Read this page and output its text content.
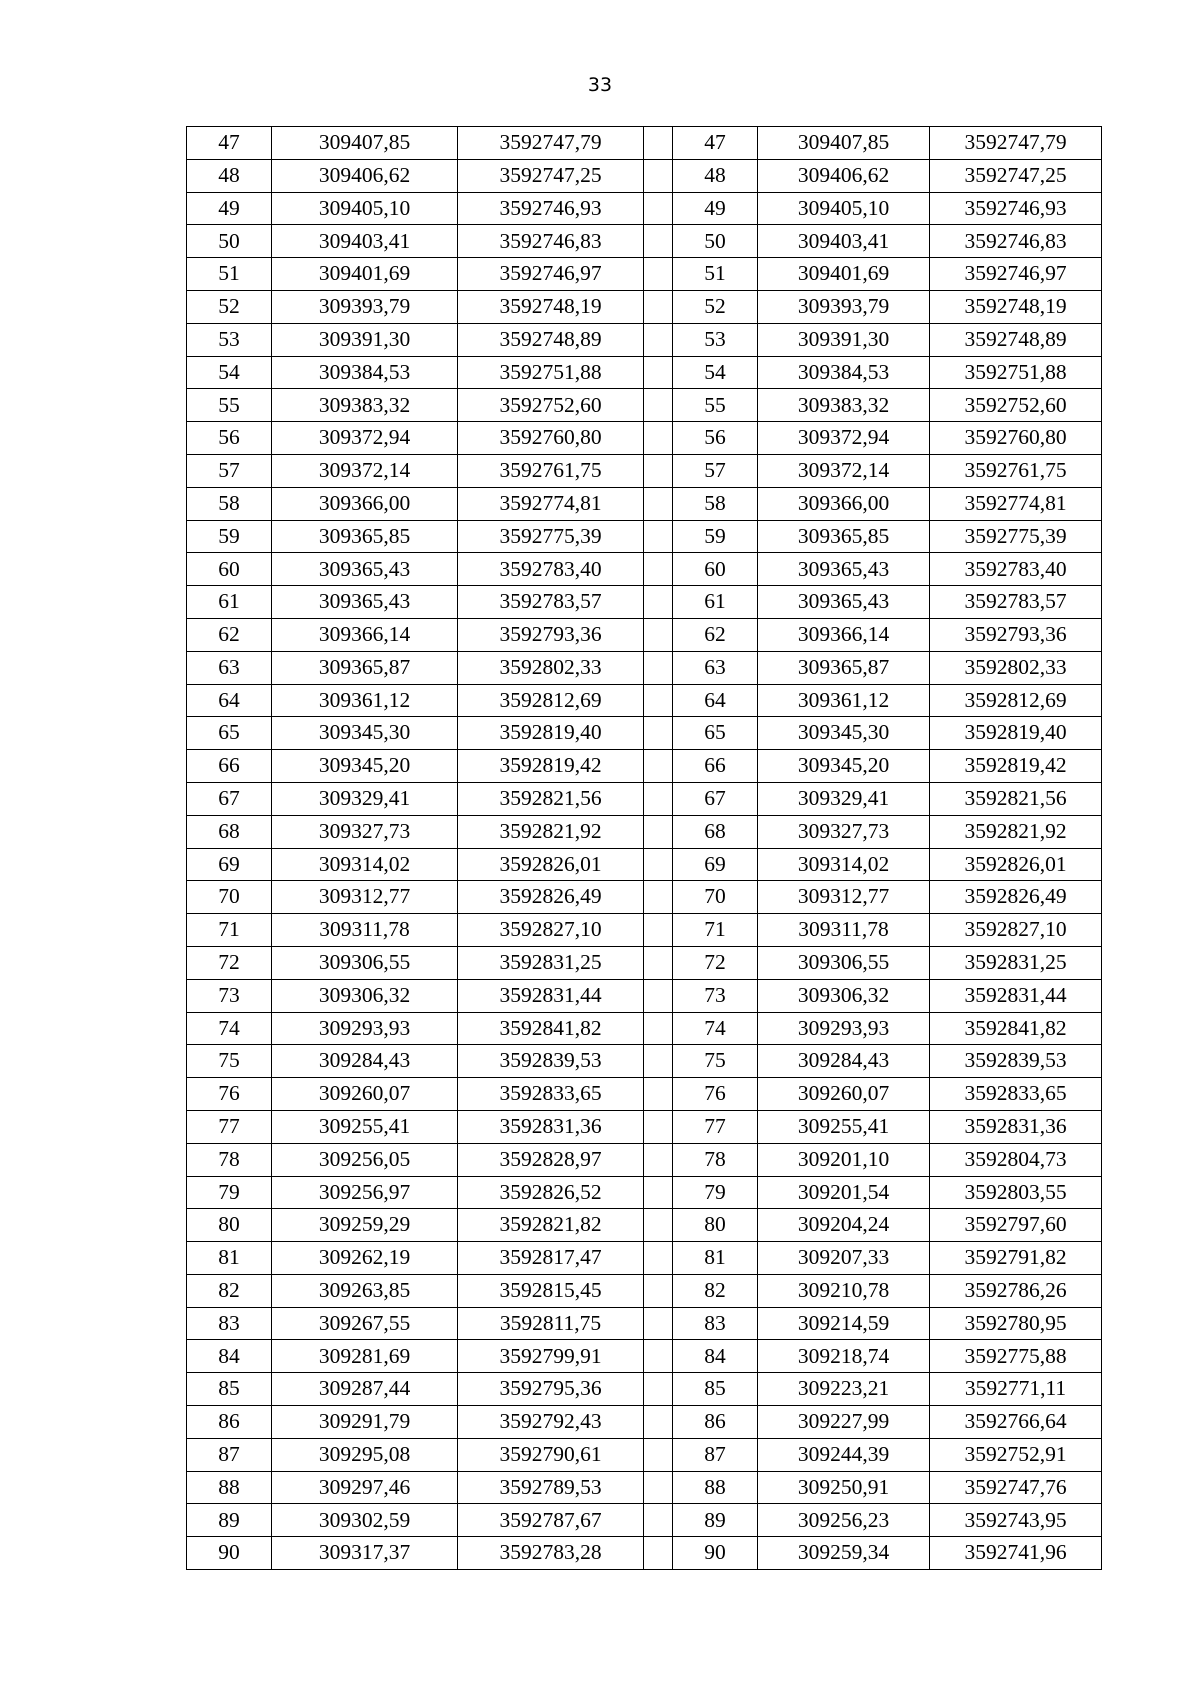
33
47	309407,85	3592747,79		47	309407,85	3592747,79
48	309406,62	3592747,25		48	309406,62	3592747,25
49	309405,10	3592746,93		49	309405,10	3592746,93
50	309403,41	3592746,83		50	309403,41	3592746,83
51	309401,69	3592746,97		51	309401,69	3592746,97
52	309393,79	3592748,19		52	309393,79	3592748,19
53	309391,30	3592748,89		53	309391,30	3592748,89
54	309384,53	3592751,88		54	309384,53	3592751,88
55	309383,32	3592752,60		55	309383,32	3592752,60
56	309372,94	3592760,80		56	309372,94	3592760,80
57	309372,14	3592761,75		57	309372,14	3592761,75
58	309366,00	3592774,81		58	309366,00	3592774,81
59	309365,85	3592775,39		59	309365,85	3592775,39
60	309365,43	3592783,40		60	309365,43	3592783,40
61	309365,43	3592783,57		61	309365,43	3592783,57
62	309366,14	3592793,36		62	309366,14	3592793,36
63	309365,87	3592802,33		63	309365,87	3592802,33
64	309361,12	3592812,69		64	309361,12	3592812,69
65	309345,30	3592819,40		65	309345,30	3592819,40
66	309345,20	3592819,42		66	309345,20	3592819,42
67	309329,41	3592821,56		67	309329,41	3592821,56
68	309327,73	3592821,92		68	309327,73	3592821,92
69	309314,02	3592826,01		69	309314,02	3592826,01
70	309312,77	3592826,49		70	309312,77	3592826,49
71	309311,78	3592827,10		71	309311,78	3592827,10
72	309306,55	3592831,25		72	309306,55	3592831,25
73	309306,32	3592831,44		73	309306,32	3592831,44
74	309293,93	3592841,82		74	309293,93	3592841,82
75	309284,43	3592839,53		75	309284,43	3592839,53
76	309260,07	3592833,65		76	309260,07	3592833,65
77	309255,41	3592831,36		77	309255,41	3592831,36
78	309256,05	3592828,97		78	309201,10	3592804,73
79	309256,97	3592826,52		79	309201,54	3592803,55
80	309259,29	3592821,82		80	309204,24	3592797,60
81	309262,19	3592817,47		81	309207,33	3592791,82
82	309263,85	3592815,45		82	309210,78	3592786,26
83	309267,55	3592811,75		83	309214,59	3592780,95
84	309281,69	3592799,91		84	309218,74	3592775,88
85	309287,44	3592795,36		85	309223,21	3592771,11
86	309291,79	3592792,43		86	309227,99	3592766,64
87	309295,08	3592790,61		87	309244,39	3592752,91
88	309297,46	3592789,53		88	309250,91	3592747,76
89	309302,59	3592787,67		89	309256,23	3592743,95
90	309317,37	3592783,28		90	309259,34	3592741,96
